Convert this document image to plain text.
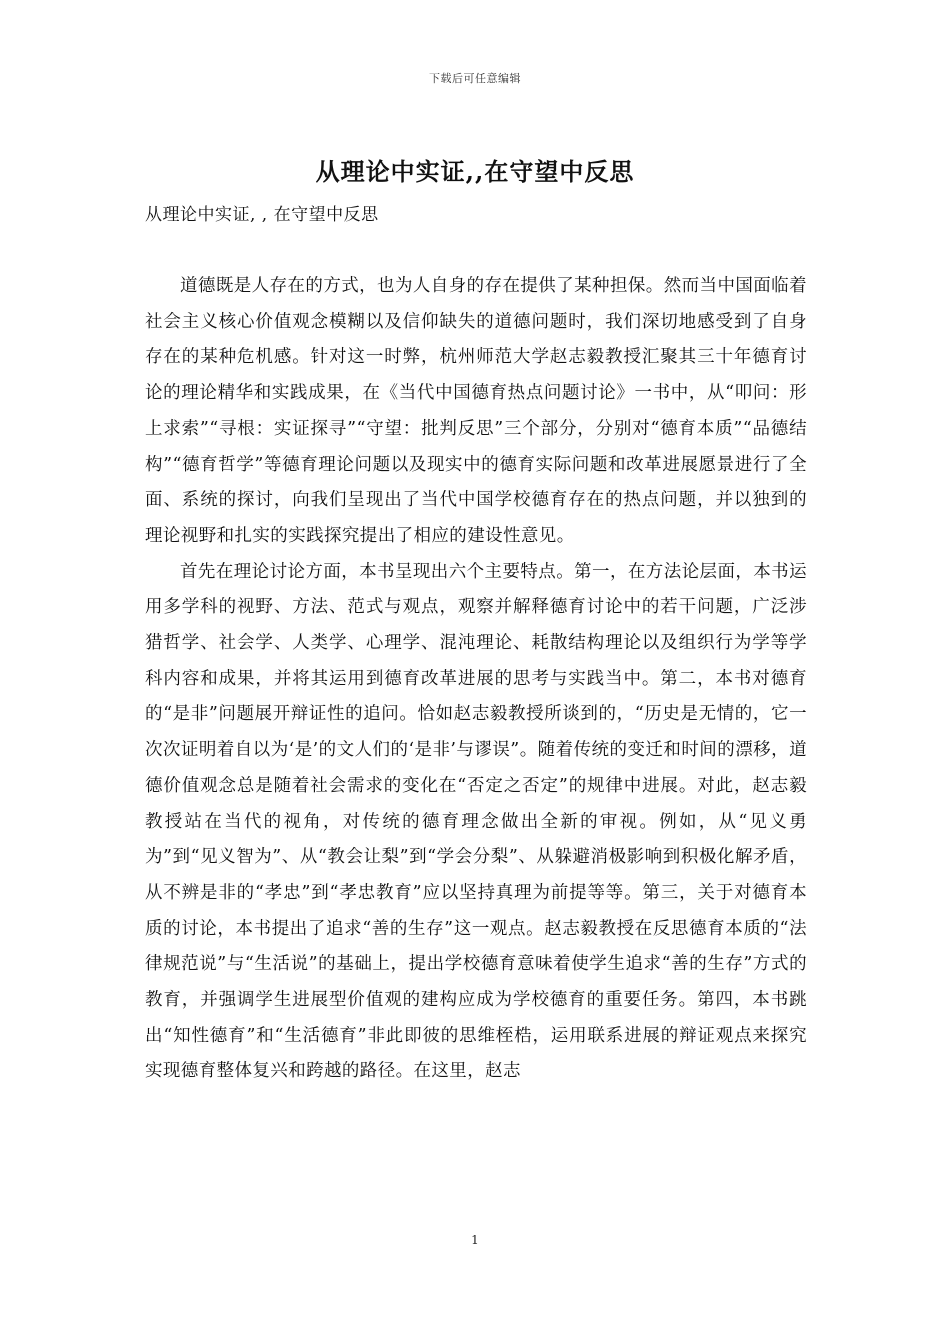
下载后可任意编辑
从理论中实证,,在守望中反思
从理论中实证, , 在守望中反思

道德既是人存在的方式，也为人自身的存在提供了某种担保。然而当中国面临着社会主义核心价值观念模糊以及信仰缺失的道德问题时，我们深切地感受到了自身存在的某种危机感。针对这一时弊，杭州师范大学赵志毅教授汇聚其三十年德育讨论的理论精华和实践成果，在《当代中国德育热点问题讨论》一书中，从“叩问：形上求索”“寻根：实证探寻”“守望：批判反思”三个部分，分别对“德育本质”“品德结构”“德育哲学”等德育理论问题以及现实中的德育实际问题和改革进展愿景进行了全面、系统的探讨，向我们呈现出了当代中国学校德育存在的热点问题，并以独到的理论视野和扎实的实践探究提出了相应的建设性意见。

首先在理论讨论方面，本书呈现出六个主要特点。第一，在方法论层面，本书运用多学科的视野、方法、范式与观点，观察并解释德育讨论中的若干问题，广泛涉猎哲学、社会学、人类学、心理学、混沌理论、耗散结构理论以及组织行为学等学科内容和成果，并将其运用到德育改革进展的思考与实践当中。第二，本书对德育的“是非”问题展开辩证性的追问。恰如赵志毅教授所谈到的，“历史是无情的，它一次次证明着自以为‘是’的文人们的‘是非’与谬误”。随着传统的变迁和时间的漂移，道德价值观念总是随着社会需求的变化在“否定之否定”的规律中进展。对此，赵志毅教授站在当代的视角，对传统的德育理念做出全新的审视。例如，从“见义勇为”到“见义智为”、从“教会让梨”到“学会分梨”、从躲避消极影响到积极化解矛盾，从不辨是非的“孝忠”到“孝忠教育”应以坚持真理为前提等等。第三，关于对德育本质的讨论，本书提出了追求“善的生存”这一观点。赵志毅教授在反思德育本质的“法律规范说”与“生活说”的基础上，提出学校德育意味着使学生追求“善的生存”方式的教育，并强调学生进展型价值观的建构应成为学校德育的重要任务。第四，本书跳出“知性德育”和“生活德育”非此即彼的思维桎梏，运用联系进展的辩证观点来探究实现德育整体复兴和跨越的路径。在这里，赵志

1
